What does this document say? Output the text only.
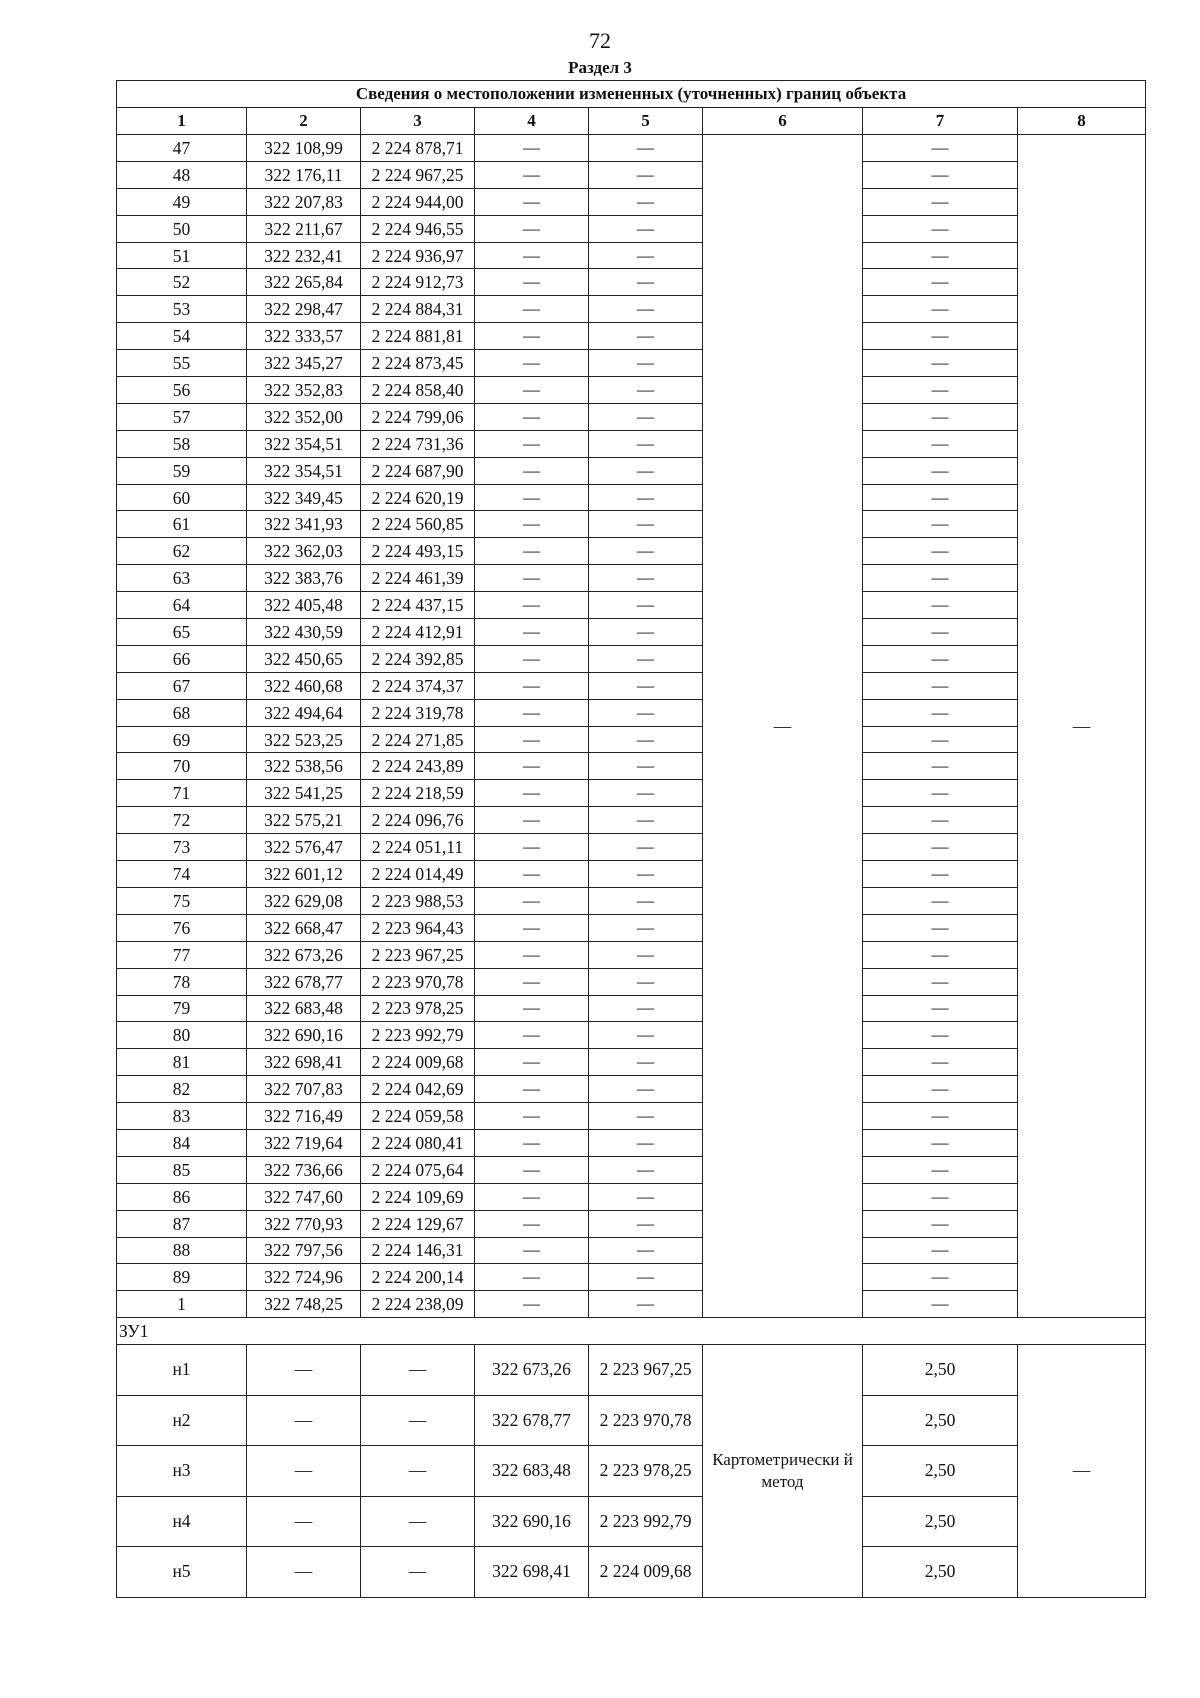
72
Раздел 3
Сведения о местоположении измененных (уточненных) границ объекта							
1	2	3	4	5	6	7	8
47	322 108,99	2 224 878,71	—	—	—	—	—
48	322 176,11	2 224 967,25	—	—		—	
49	322 207,83	2 224 944,00	—	—		—	
50	322 211,67	2 224 946,55	—	—		—	
51	322 232,41	2 224 936,97	—	—		—	
52	322 265,84	2 224 912,73	—	—		—	
53	322 298,47	2 224 884,31	—	—		—	
54	322 333,57	2 224 881,81	—	—		—	
55	322 345,27	2 224 873,45	—	—		—	
56	322 352,83	2 224 858,40	—	—		—	
57	322 352,00	2 224 799,06	—	—		—	
58	322 354,51	2 224 731,36	—	—		—	
59	322 354,51	2 224 687,90	—	—		—	
60	322 349,45	2 224 620,19	—	—		—	
61	322 341,93	2 224 560,85	—	—		—	
62	322 362,03	2 224 493,15	—	—		—	
63	322 383,76	2 224 461,39	—	—		—	
64	322 405,48	2 224 437,15	—	—		—	
65	322 430,59	2 224 412,91	—	—		—	
66	322 450,65	2 224 392,85	—	—		—	
67	322 460,68	2 224 374,37	—	—		—	
68	322 494,64	2 224 319,78	—	—		—	
69	322 523,25	2 224 271,85	—	—		—	
70	322 538,56	2 224 243,89	—	—		—	
71	322 541,25	2 224 218,59	—	—		—	
72	322 575,21	2 224 096,76	—	—		—	
73	322 576,47	2 224 051,11	—	—		—	
74	322 601,12	2 224 014,49	—	—		—	
75	322 629,08	2 223 988,53	—	—		—	
76	322 668,47	2 223 964,43	—	—		—	
77	322 673,26	2 223 967,25	—	—		—	
78	322 678,77	2 223 970,78	—	—		—	
79	322 683,48	2 223 978,25	—	—		—	
80	322 690,16	2 223 992,79	—	—		—	
81	322 698,41	2 224 009,68	—	—		—	
82	322 707,83	2 224 042,69	—	—		—	
83	322 716,49	2 224 059,58	—	—		—	
84	322 719,64	2 224 080,41	—	—		—	
85	322 736,66	2 224 075,64	—	—		—	
86	322 747,60	2 224 109,69	—	—		—	
87	322 770,93	2 224 129,67	—	—		—	
88	322 797,56	2 224 146,31	—	—		—	
89	322 724,96	2 224 200,14	—	—		—	
1	322 748,25	2 224 238,09	—	—		—	
ЗУ1							
н1	—	—	322 673,26	2 223 967,25	Картометрически й метод	2,50	—
н2	—	—	322 678,77	2 223 970,78		2,50	
н3	—	—	322 683,48	2 223 978,25		2,50	
н4	—	—	322 690,16	2 223 992,79		2,50	
н5	—	—	322 698,41	2 224 009,68		2,50	
